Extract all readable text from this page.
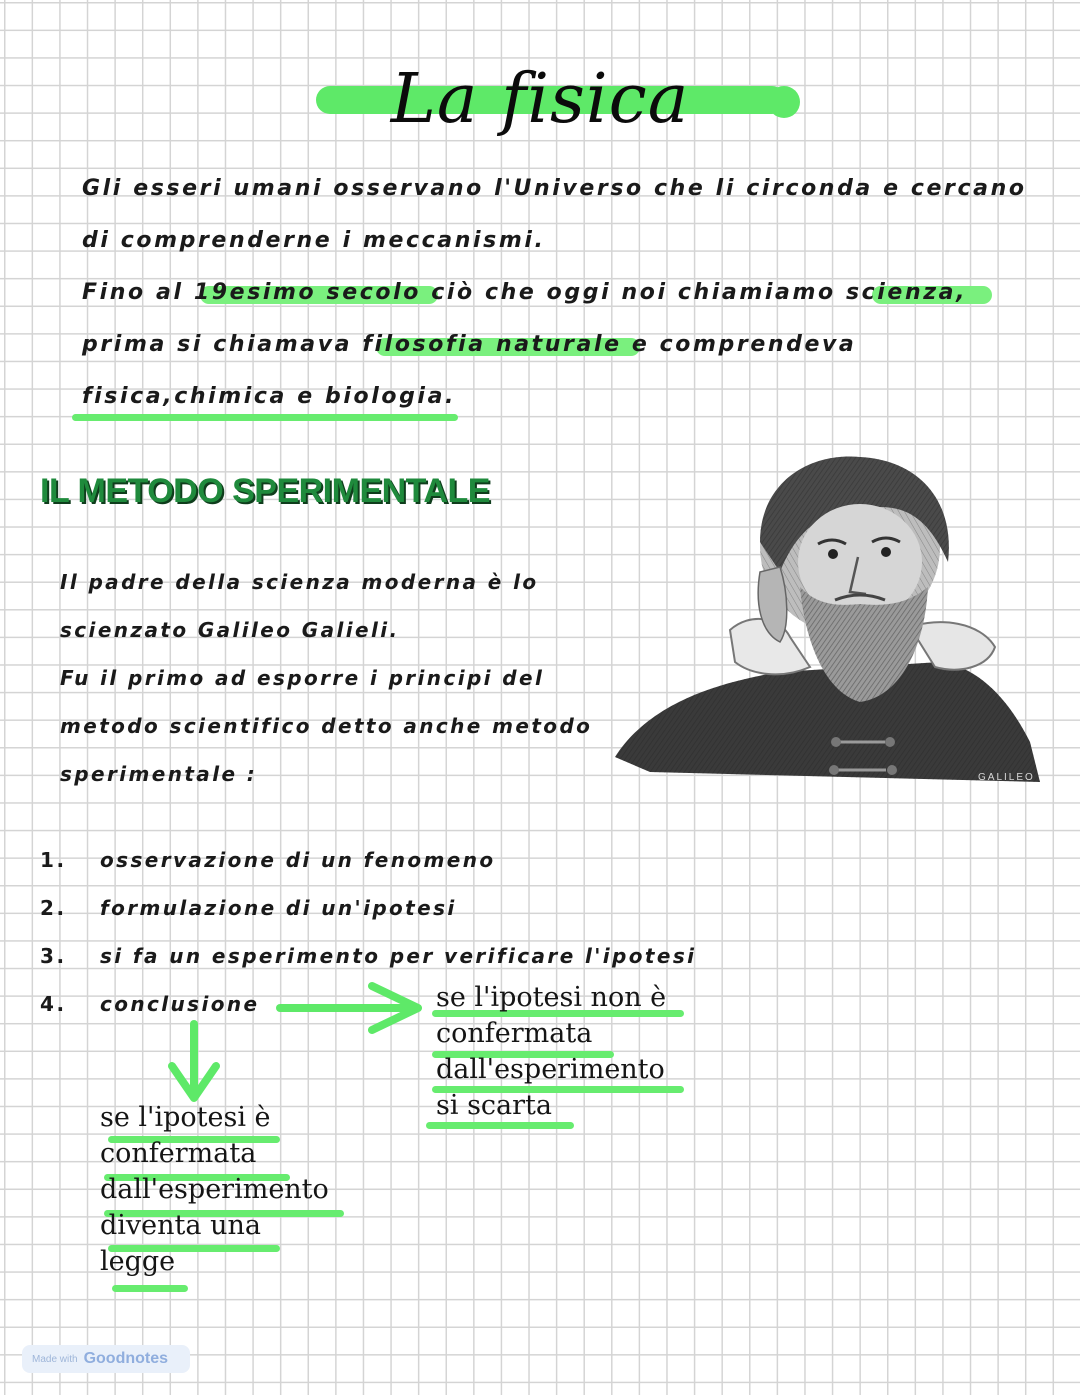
La fisica
Gli esseri umani osservano l'Universo che li circonda e cercano
di comprenderne i meccanismi.
Fino al 19esimo secolo ciò che oggi noi chiamiamo scienza,
prima si chiamava filosofia naturale e comprendeva
fisica,chimica e biologia.
IL METODO SPERIMENTALE
Il padre della scienza moderna è lo
scienzato Galileo Galieli.
Fu il primo ad esporre i principi del
metodo scientifico detto anche metodo
sperimentale :	GALILEO
1. osservazione di un fenomeno
2. formulazione di un'ipotesi
3. si fa un esperimento per verificare l'ipotesi
4. conclusione	se l'ipotesi non è
confermata
dall'esperimento
si scarta
se l'ipotesi è
confermata
dall'esperimento
diventa una
legge
Made with Goodnotes
